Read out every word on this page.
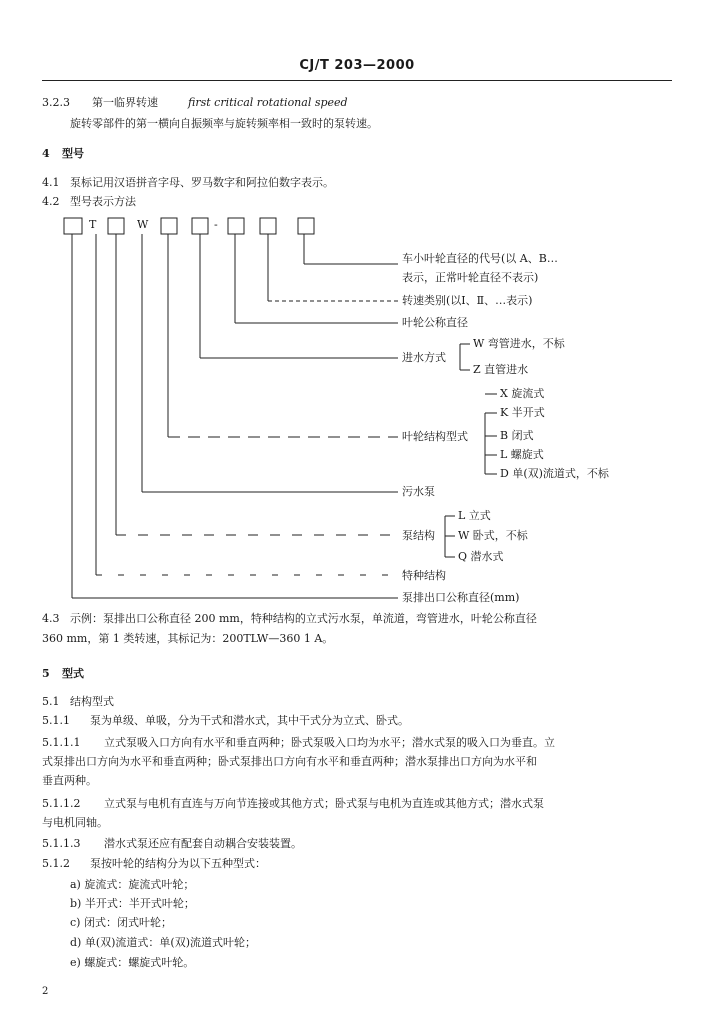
CJ/T 203—2000
3.2.3 第一临界转速	first critical rotational speed
旋转零部件的第一横向自振频率与旋转频率相一致时的泵转速。
4 型号
4.1 泵标记用汉语拼音字母、罗马数字和阿拉伯数字表示。
4.2 型号表示方法
T	W	-
车小叶轮直径的代号(以 A、B…
表示，正常叶轮直径不表示)
转速类别(以Ⅰ、Ⅱ、…表示)
叶轮公称直径
进水方式
W 弯管进水，不标
Z 直管进水
叶轮结构型式
X 旋流式
K 半开式
B 闭式
L 螺旋式
D 单(双)流道式，不标
污水泵
泵结构
L 立式
W 卧式，不标
Q 潜水式
特种结构
泵排出口公称直径(mm)
4.3 示例：泵排出口公称直径 200 mm，特种结构的立式污水泵，单流道，弯管进水，叶轮公称直径
360 mm，第 1 类转速，其标记为：200TLW—360 1 A。
5 型式
5.1 结构型式
5.1.1 泵为单级、单吸，分为干式和潜水式，其中干式分为立式、卧式。
5.1.1.1 立式泵吸入口方向有水平和垂直两种；卧式泵吸入口均为水平；潜水式泵的吸入口为垂直。立
式泵排出口方向为水平和垂直两种；卧式泵排出口方向有水平和垂直两种；潜水泵排出口方向为水平和
垂直两种。
5.1.1.2 立式泵与电机有直连与万向节连接或其他方式；卧式泵与电机为直连或其他方式；潜水式泵
与电机同轴。
5.1.1.3 潜水式泵还应有配套自动耦合安装装置。
5.1.2 泵按叶轮的结构分为以下五种型式：
a) 旋流式：旋流式叶轮；
b) 半开式：半开式叶轮；
c) 闭式：闭式叶轮；
d) 单(双)流道式：单(双)流道式叶轮；
e) 螺旋式：螺旋式叶轮。
2
